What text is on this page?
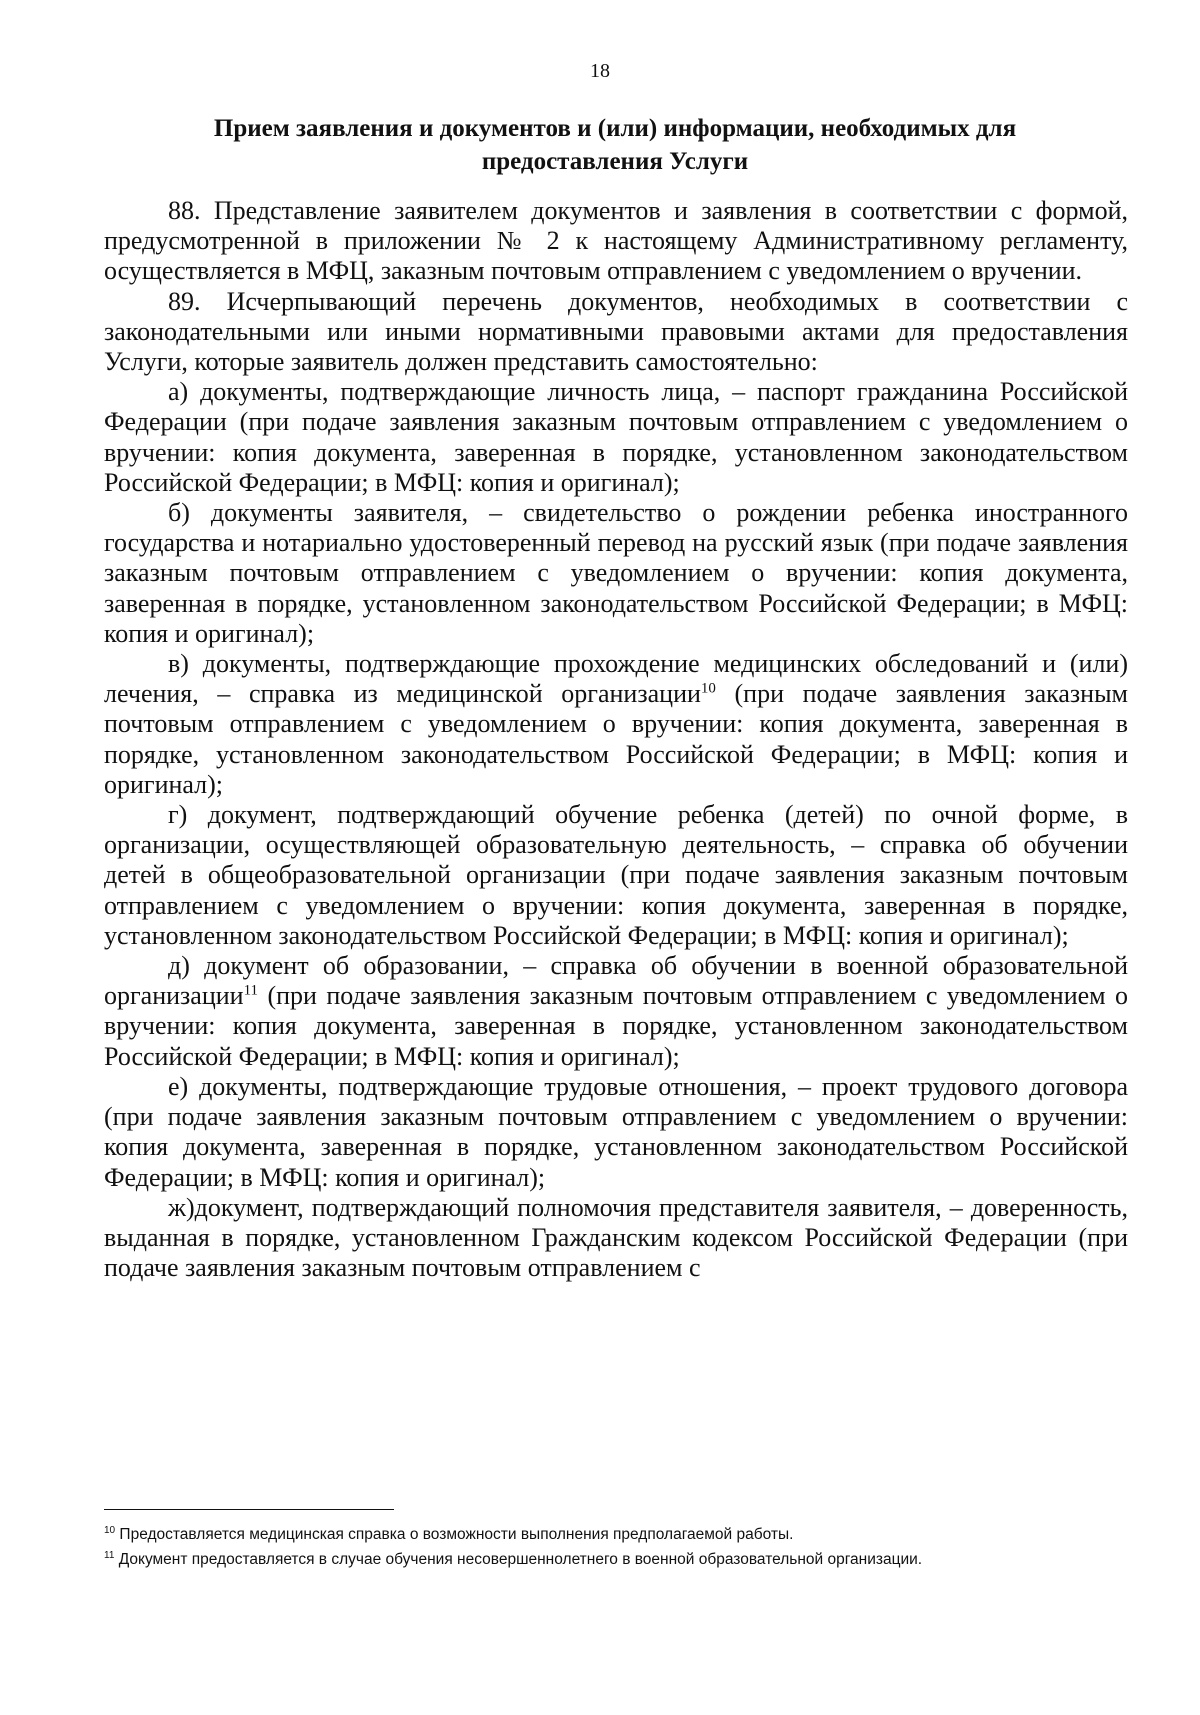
18
Прием заявления и документов и (или) информации, необходимых для предоставления Услуги

88. Представление заявителем документов и заявления в соответствии с формой, предусмотренной в приложении № 2 к настоящему Административному регламенту, осуществляется в МФЦ, заказным почтовым отправлением с уведомлением о вручении.

89. Исчерпывающий перечень документов, необходимых в соответствии с законодательными или иными нормативными правовыми актами для предоставления Услуги, которые заявитель должен представить самостоятельно:

а) документы, подтверждающие личность лица, – паспорт гражданина Российской Федерации (при подаче заявления заказным почтовым отправлением с уведомлением о вручении: копия документа, заверенная в порядке, установленном законодательством Российской Федерации; в МФЦ: копия и оригинал);

б) документы заявителя, – свидетельство о рождении ребенка иностранного государства и нотариально удостоверенный перевод на русский язык (при подаче заявления заказным почтовым отправлением с уведомлением о вручении: копия документа, заверенная в порядке, установленном законодательством Российской Федерации; в МФЦ: копия и оригинал);

в) документы, подтверждающие прохождение медицинских обследований и (или) лечения, – справка из медицинской организации$^{10}$ (при подаче заявления заказным почтовым отправлением с уведомлением о вручении: копия документа, заверенная в порядке, установленном законодательством Российской Федерации; в МФЦ: копия и оригинал);

г) документ, подтверждающий обучение ребенка (детей) по очной форме, в организации, осуществляющей образовательную деятельность, – справка об обучении детей в общеобразовательной организации (при подаче заявления заказным почтовым отправлением с уведомлением о вручении: копия документа, заверенная в порядке, установленном законодательством Российской Федерации; в МФЦ: копия и оригинал);

д) документ об образовании, – справка об обучении в военной образовательной организации$^{11}$ (при подаче заявления заказным почтовым отправлением с уведомлением о вручении: копия документа, заверенная в порядке, установленном законодательством Российской Федерации; в МФЦ: копия и оригинал);

е) документы, подтверждающие трудовые отношения, – проект трудового договора (при подаче заявления заказным почтовым отправлением с уведомлением о вручении: копия документа, заверенная в порядке, установленном законодательством Российской Федерации; в МФЦ: копия и оригинал);

ж)документ, подтверждающий полномочия представителя заявителя, – доверенность, выданная в порядке, установленном Гражданским кодексом Российской Федерации (при подаче заявления заказным почтовым отправлением с

$^{10}$ Предоставляется медицинская справка о возможности выполнения предполагаемой работы.
$^{11}$ Документ предоставляется в случае обучения несовершеннолетнего в военной образовательной организации.
